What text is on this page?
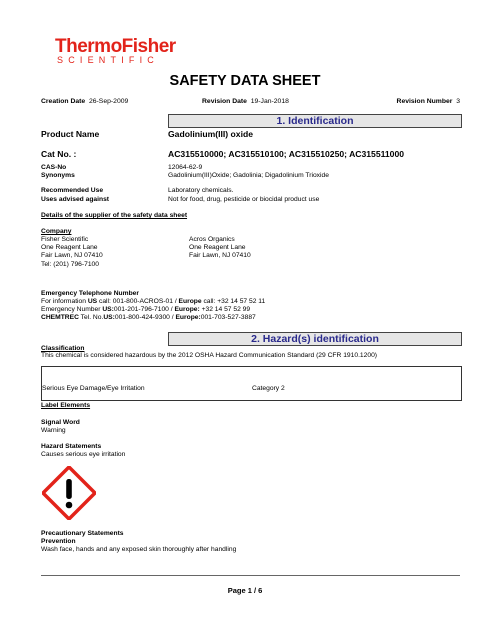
ThermoFisher
SCIENTIFIC
SAFETY DATA SHEET
Creation Date 26-Sep-2009	Revision Date 19-Jan-2018	Revision Number 3
1. Identification
Product Name	Gadolinium(III) oxide
Cat No. :	AC315510000; AC315510100; AC315510250; AC315511000
CAS-No	12064-62-9
Synonyms	Gadolinium(III)Oxide; Gadolinia; Digadolinium Trioxide
Recommended Use	Laboratory chemicals.
Uses advised against	Not for food, drug, pesticide or biocidal product use
Details of the supplier of the safety data sheet
Company
Fisher Scientific
One Reagent Lane
Fair Lawn, NJ 07410
Tel: (201) 796-7100
Acros Organics
One Reagent Lane
Fair Lawn, NJ 07410
Emergency Telephone Number
For information US call: 001-800-ACROS-01 / Europe call: +32 14 57 52 11
Emergency Number US:001-201-796-7100 / Europe: +32 14 57 52 99
CHEMTREC Tel. No.US:001-800-424-9300 / Europe:001-703-527-3887
2. Hazard(s) identification
Classification
This chemical is considered hazardous by the 2012 OSHA Hazard Communication Standard (29 CFR 1910.1200)
Serious Eye Damage/Eye Irritation	Category 2
Label Elements
Signal Word
Warning
Hazard Statements
Causes serious eye irritation
Precautionary Statements
Prevention
Wash face, hands and any exposed skin thoroughly after handling
Page 1 / 6
